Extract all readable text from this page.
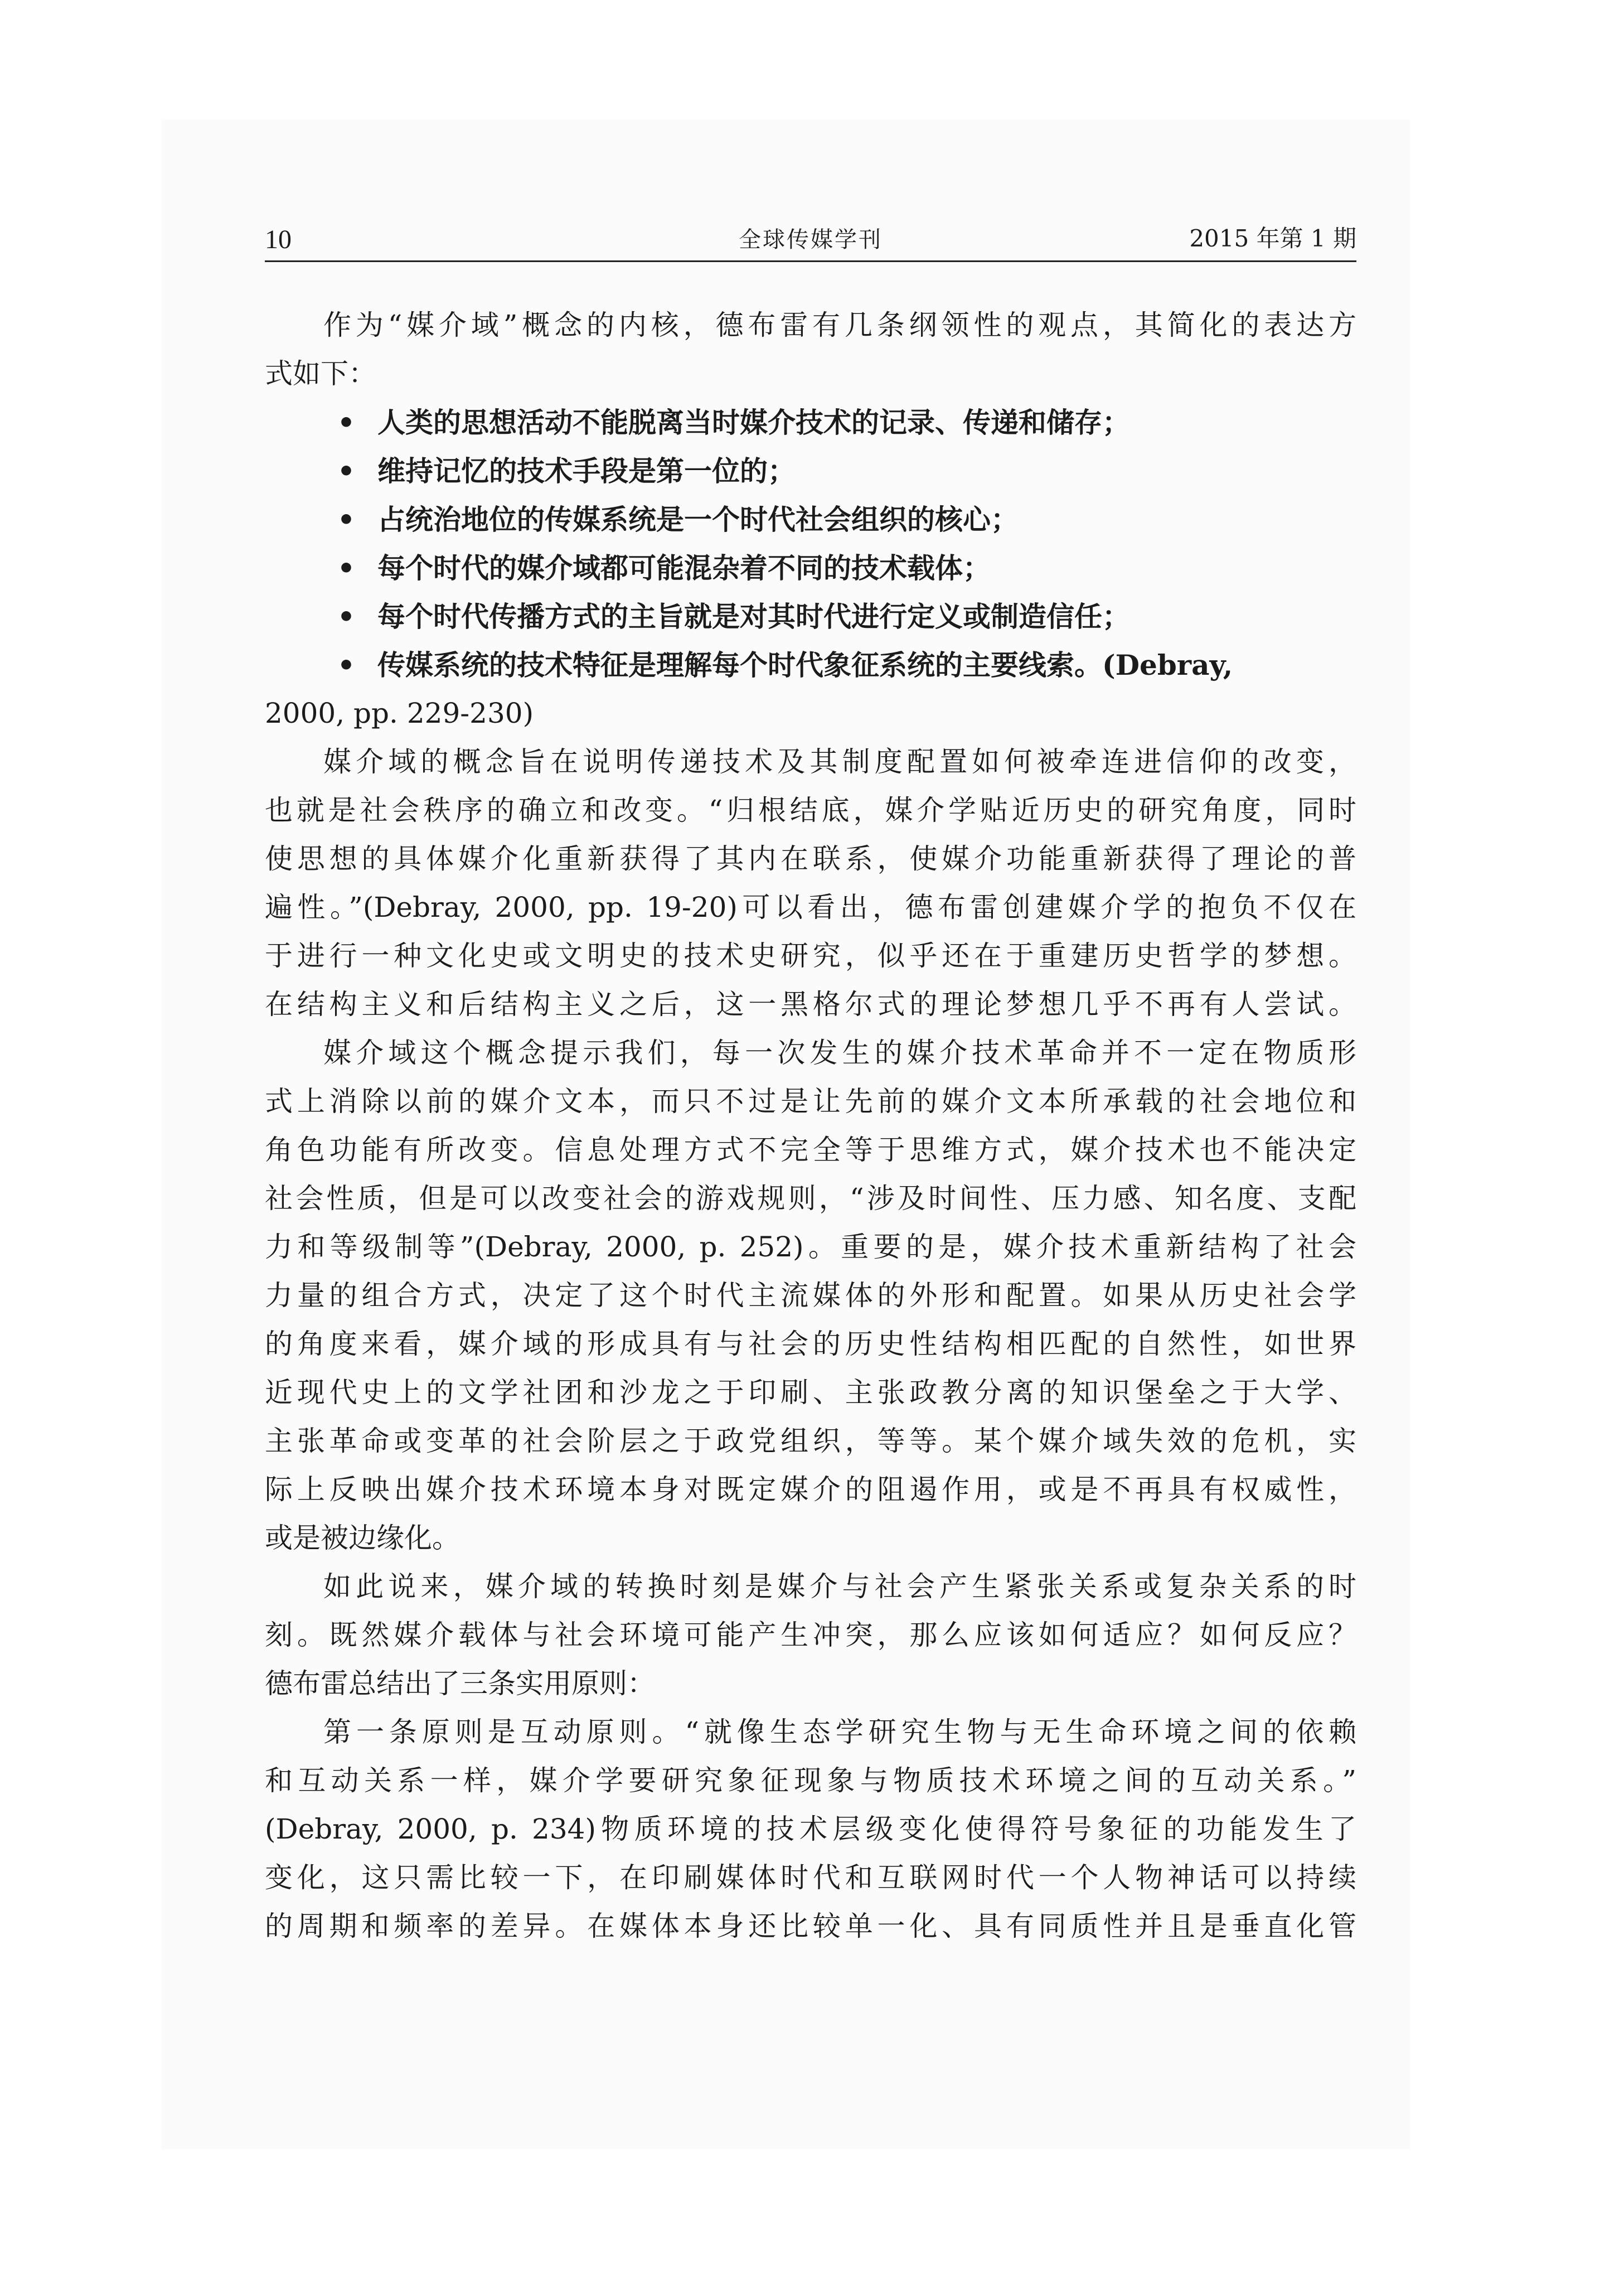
10	全球传媒学刊	2015 年第 1 期
作为“媒介域”概念的内核，德布雷有几条纲领性的观点，其简化的表达方
式如下：
• 人类的思想活动不能脱离当时媒介技术的记录、传递和储存；
• 维持记忆的技术手段是第一位的；
• 占统治地位的传媒系统是一个时代社会组织的核心；
• 每个时代的媒介域都可能混杂着不同的技术载体；
• 每个时代传播方式的主旨就是对其时代进行定义或制造信任；
• 传媒系统的技术特征是理解每个时代象征系统的主要线索。(Debray,
2000, pp. 229-230)
媒介域的概念旨在说明传递技术及其制度配置如何被牵连进信仰的改变，
也就是社会秩序的确立和改变。“归根结底，媒介学贴近历史的研究角度，同时
使思想的具体媒介化重新获得了其内在联系，使媒介功能重新获得了理论的普
遍性。”(Debray, 2000, pp. 19-20)可以看出，德布雷创建媒介学的抱负不仅在
于进行一种文化史或文明史的技术史研究，似乎还在于重建历史哲学的梦想。
在结构主义和后结构主义之后，这一黑格尔式的理论梦想几乎不再有人尝试。
媒介域这个概念提示我们，每一次发生的媒介技术革命并不一定在物质形
式上消除以前的媒介文本，而只不过是让先前的媒介文本所承载的社会地位和
角色功能有所改变。信息处理方式不完全等于思维方式，媒介技术也不能决定
社会性质，但是可以改变社会的游戏规则，“涉及时间性、压力感、知名度、支配
力和等级制等”(Debray, 2000, p. 252)。重要的是，媒介技术重新结构了社会
力量的组合方式，决定了这个时代主流媒体的外形和配置。如果从历史社会学
的角度来看，媒介域的形成具有与社会的历史性结构相匹配的自然性，如世界
近现代史上的文学社团和沙龙之于印刷、主张政教分离的知识堡垒之于大学、
主张革命或变革的社会阶层之于政党组织，等等。某个媒介域失效的危机，实
际上反映出媒介技术环境本身对既定媒介的阻遏作用，或是不再具有权威性，
或是被边缘化。
如此说来，媒介域的转换时刻是媒介与社会产生紧张关系或复杂关系的时
刻。既然媒介载体与社会环境可能产生冲突，那么应该如何适应？如何反应？
德布雷总结出了三条实用原则：
第一条原则是互动原则。“就像生态学研究生物与无生命环境之间的依赖
和互动关系一样，媒介学要研究象征现象与物质技术环境之间的互动关系。”
(Debray, 2000, p. 234)物质环境的技术层级变化使得符号象征的功能发生了
变化，这只需比较一下，在印刷媒体时代和互联网时代一个人物神话可以持续
的周期和频率的差异。在媒体本身还比较单一化、具有同质性并且是垂直化管
